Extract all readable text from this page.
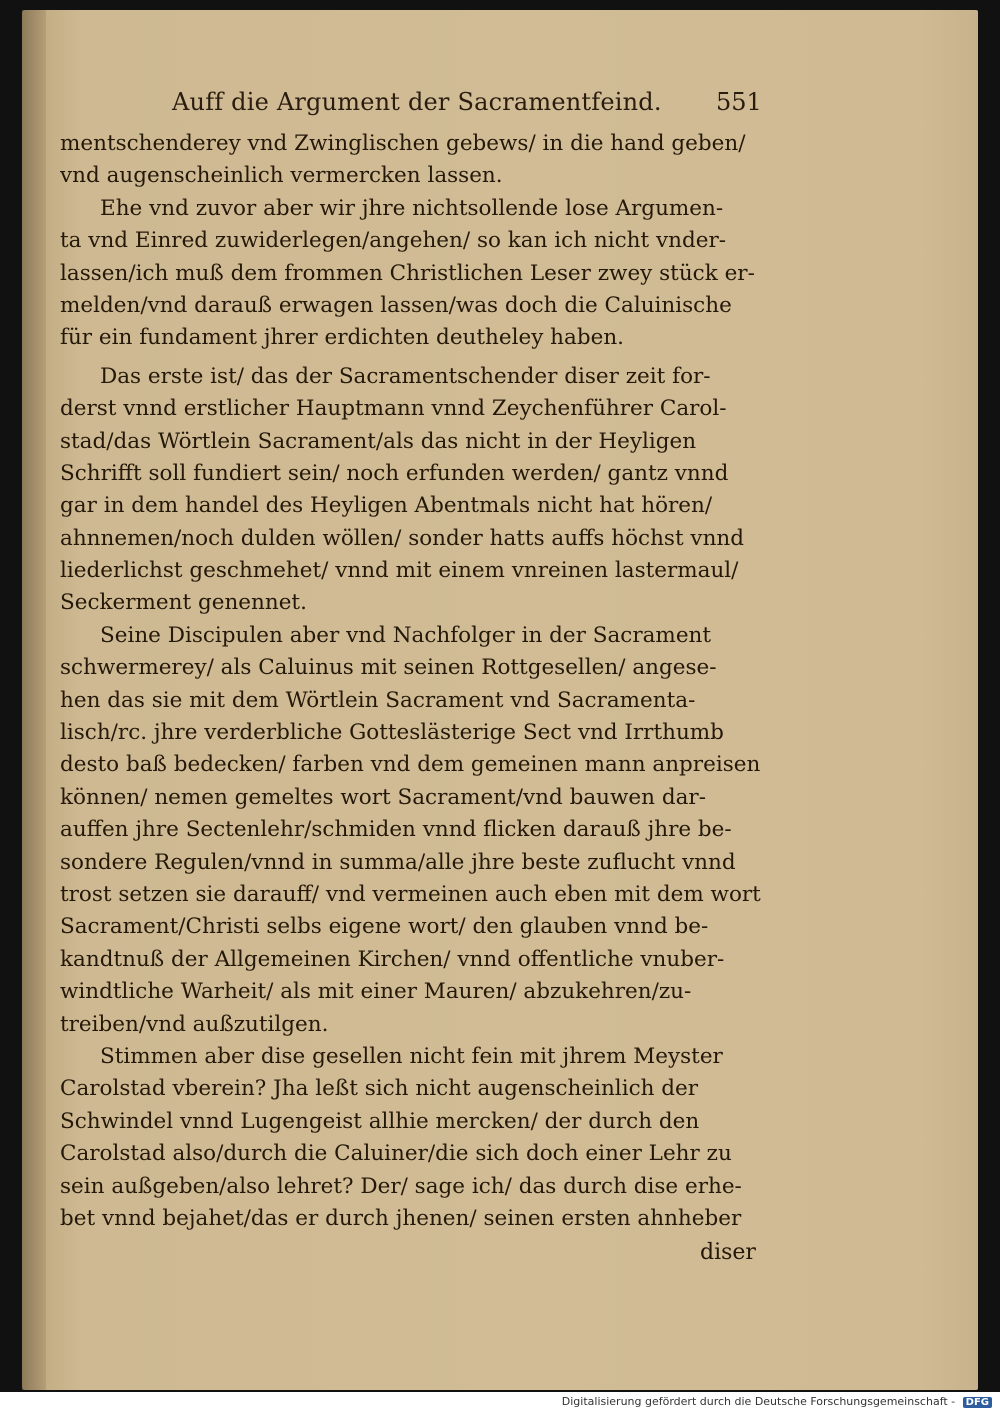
Auff die Argument der Sacramentfeind.	551
mentschenderey vnd Zwinglischen gebews/ in die hand geben/
vnd augenscheinlich vermercken lassen.
Ehe vnd zuvor aber wir jhre nichtsollende lose Argumen-
ta vnd Einred zuwiderlegen/angehen/ so kan ich nicht vnder-
lassen/ich muß dem frommen Christlichen Leser zwey stück er-
melden/vnd darauß erwagen lassen/was doch die Caluinische
für ein fundament jhrer erdichten deutheley haben.
Das erste ist/ das der Sacramentschender diser zeit for-
derst vnnd erstlicher Hauptmann vnnd Zeychenführer Carol-
stad/das Wörtlein Sacrament/als das nicht in der Heyligen
Schrifft soll fundiert sein/ noch erfunden werden/ gantz vnnd
gar in dem handel des Heyligen Abentmals nicht hat hören/
ahnnemen/noch dulden wöllen/ sonder hatts auffs höchst vnnd
liederlichst geschmehet/ vnnd mit einem vnreinen lastermaul/
Seckerment genennet.
Seine Discipulen aber vnd Nachfolger in der Sacrament
schwermerey/ als Caluinus mit seinen Rottgesellen/ angese-
hen das sie mit dem Wörtlein Sacrament vnd Sacramenta-
lisch/rc. jhre verderbliche Gotteslästerige Sect vnd Irrthumb
desto baß bedecken/ farben vnd dem gemeinen mann anpreisen
können/ nemen gemeltes wort Sacrament/vnd bauwen dar-
auffen jhre Sectenlehr/schmiden vnnd flicken darauß jhre be-
sondere Regulen/vnnd in summa/alle jhre beste zuflucht vnnd
trost setzen sie darauff/ vnd vermeinen auch eben mit dem wort
Sacrament/Christi selbs eigene wort/ den glauben vnnd be-
kandtnuß der Allgemeinen Kirchen/ vnnd offentliche vnuber-
windtliche Warheit/ als mit einer Mauren/ abzukehren/zu-
treiben/vnd außzutilgen.
Stimmen aber dise gesellen nicht fein mit jhrem Meyster
Carolstad vberein? Jha leßt sich nicht augenscheinlich der
Schwindel vnnd Lugengeist allhie mercken/ der durch den
Carolstad also/durch die Caluiner/die sich doch einer Lehr zu
sein außgeben/also lehret? Der/ sage ich/ das durch dise erhe-
bet vnnd bejahet/das er durch jhenen/ seinen ersten ahnheber
diser
Digitalisierung gefördert durch die Deutsche Forschungsgemeinschaft - DFG
